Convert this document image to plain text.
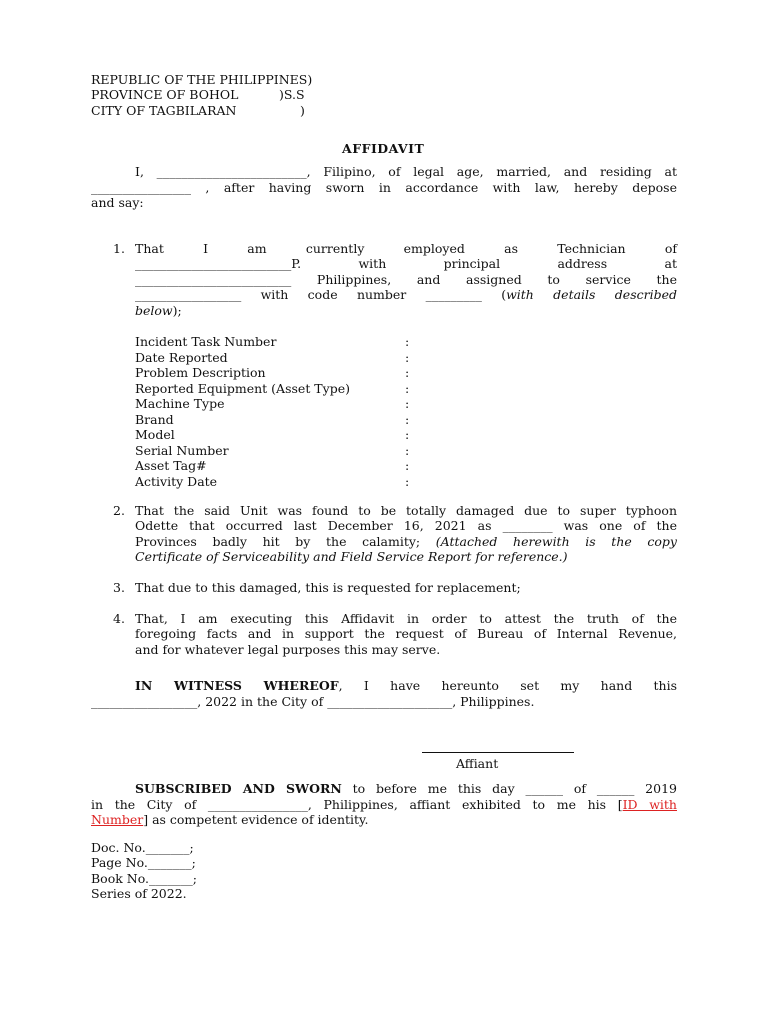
REPUBLIC OF THE PHILIPPINES)
PROVINCE OF BOHOL	)S.S
CITY OF TAGBILARAN	)
AFFIDAVIT
I, ________________________, Filipino, of legal age, married, and residing at
________________ , after having sworn in accordance with law, hereby depose
and say:
1. That I am currently employed as Technician of
_________________________P. with principal address at
_________________________ Philippines, and assigned to service the
_________________ with code number _________ (with details described
below);
Incident Task Number	:
Date Reported	:
Problem Description	:
Reported Equipment (Asset Type)	:
Machine Type	:
Brand	:
Model	:
Serial Number	:
Asset Tag#	:
Activity Date	:
2. That the said Unit was found to be totally damaged due to super typhoon
Odette that occurred last December 16, 2021 as ________ was one of the
Provinces badly hit by the calamity; (Attached herewith is the copy
Certificate of Serviceability and Field Service Report for reference.)
3. That due to this damaged, this is requested for replacement;
4. That, I am executing this Affidavit in order to attest the truth of the
foregoing facts and in support the request of Bureau of Internal Revenue,
and for whatever legal purposes this may serve.
IN WITNESS WHEREOF, I have hereunto set my hand this
_________________, 2022 in the City of ____________________, Philippines.
Affiant
SUBSCRIBED AND SWORN to before me this day ______ of ______ 2019
in the City of ________________, Philippines, affiant exhibited to me his [ID with
Number] as competent evidence of identity.
Doc. No._______;
Page No._______;
Book No._______;
Series of 2022.
